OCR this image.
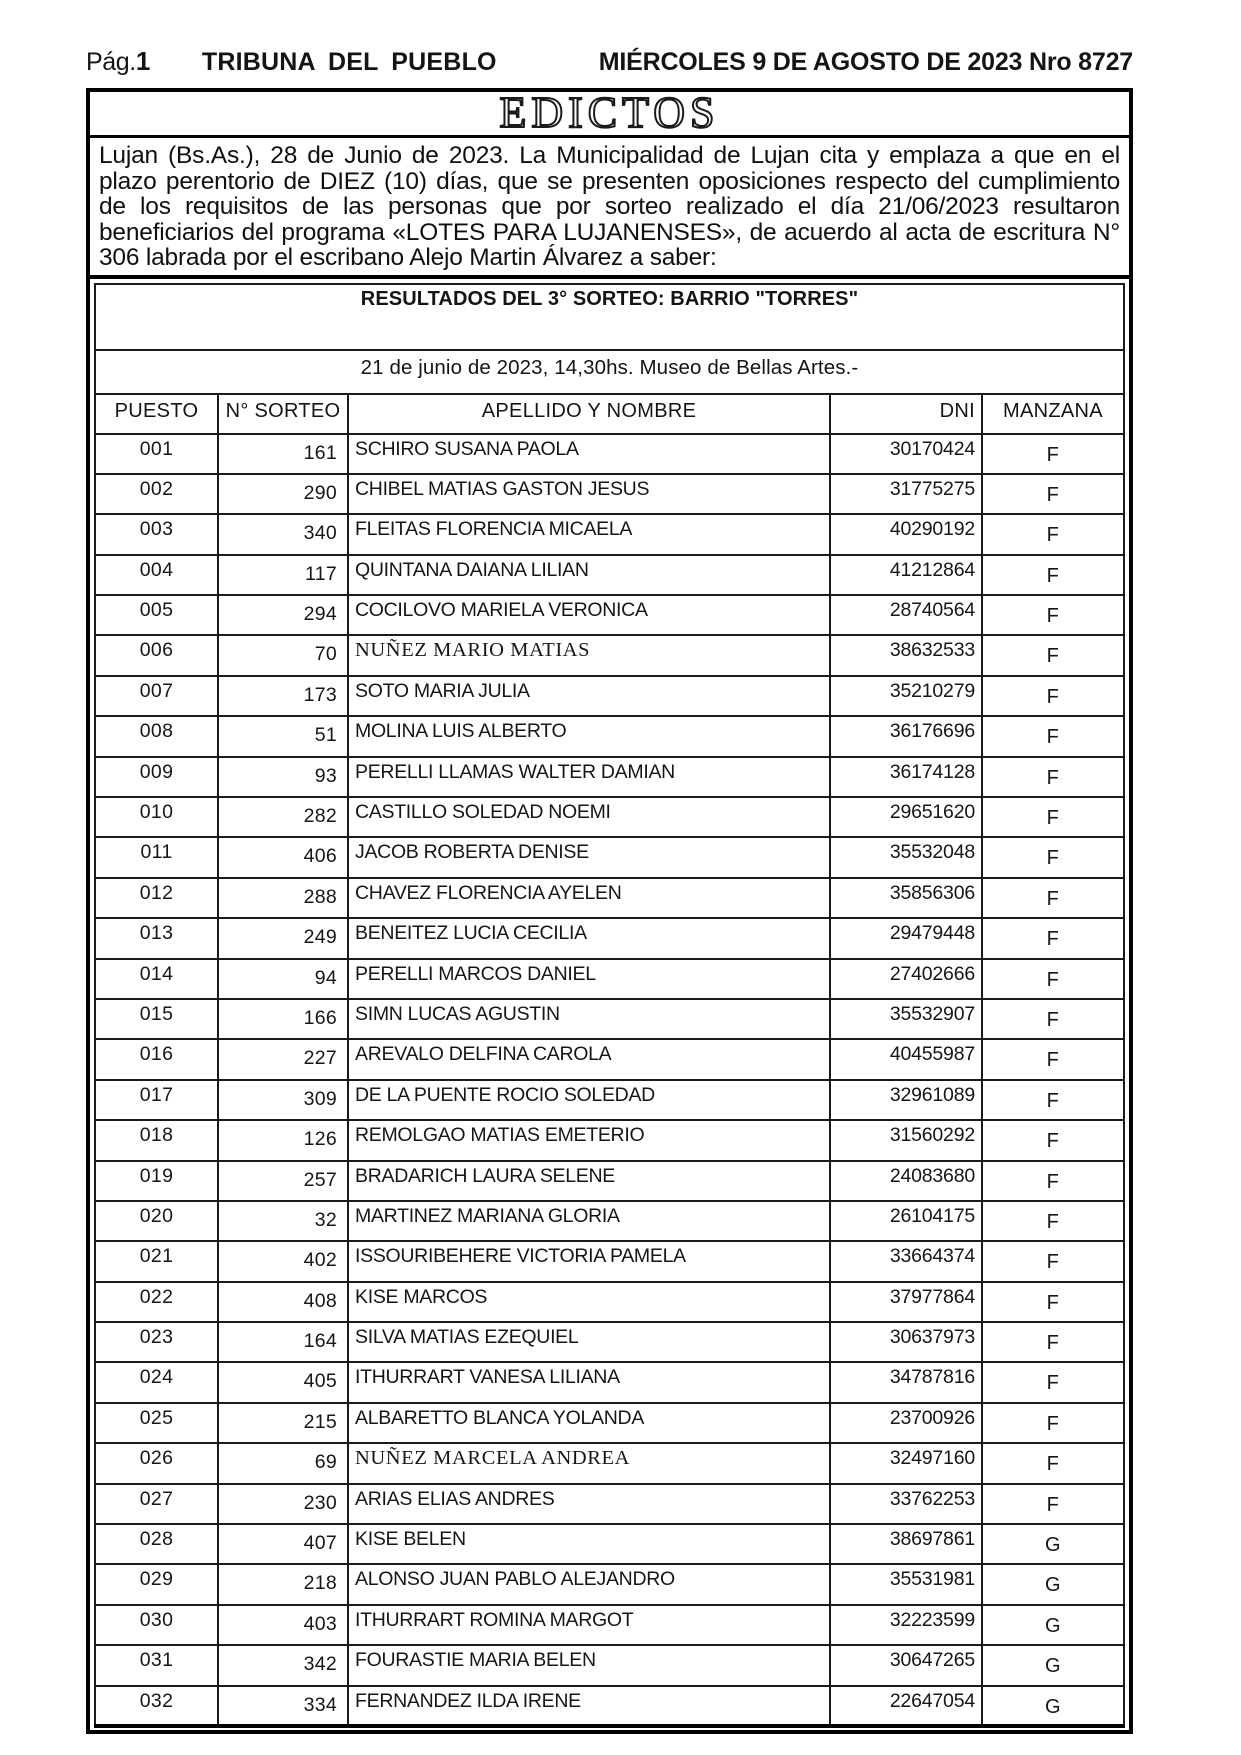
Pág. 1 TRIBUNA DEL PUEBLO	MIÉRCOLES 9 DE AGOSTO DE 2023 Nro 8727
EDICTOS
Lujan (Bs.As.), 28 de Junio de 2023. La Municipalidad de Lujan cita y emplaza a que en el plazo perentorio de DIEZ (10) días, que se presenten oposiciones respecto del cumplimiento de los requisitos de las personas que por sorteo realizado el día 21/06/2023 resultaron beneficiarios del programa «LOTES PARA LUJANENSES», de acuerdo al acta de escritura N° 306 labrada por el escribano Alejo Martin Álvarez a saber:
RESULTADOS DEL 3° SORTEO: BARRIO "TORRES"				
21 de junio de 2023, 14,30hs. Museo de Bellas Artes.-				
PUESTO	N° SORTEO	APELLIDO Y NOMBRE	DNI	MANZANA
001	161	SCHIRO SUSANA PAOLA	30170424	F
002	290	CHIBEL MATIAS GASTON JESUS	31775275	F
003	340	FLEITAS FLORENCIA MICAELA	40290192	F
004	117	QUINTANA DAIANA LILIAN	41212864	F
005	294	COCILOVO MARIELA VERONICA	28740564	F
006	70	NUÑEZ MARIO MATIAS	38632533	F
007	173	SOTO MARIA JULIA	35210279	F
008	51	MOLINA LUIS ALBERTO	36176696	F
009	93	PERELLI LLAMAS WALTER DAMIAN	36174128	F
010	282	CASTILLO SOLEDAD NOEMI	29651620	F
011	406	JACOB ROBERTA DENISE	35532048	F
012	288	CHAVEZ FLORENCIA AYELEN	35856306	F
013	249	BENEITEZ LUCIA CECILIA	29479448	F
014	94	PERELLI MARCOS DANIEL	27402666	F
015	166	SIMN LUCAS AGUSTIN	35532907	F
016	227	AREVALO DELFINA CAROLA	40455987	F
017	309	DE LA PUENTE ROCIO SOLEDAD	32961089	F
018	126	REMOLGAO MATIAS EMETERIO	31560292	F
019	257	BRADARICH LAURA SELENE	24083680	F
020	32	MARTINEZ MARIANA GLORIA	26104175	F
021	402	ISSOURIBEHERE VICTORIA PAMELA	33664374	F
022	408	KISE MARCOS	37977864	F
023	164	SILVA MATIAS EZEQUIEL	30637973	F
024	405	ITHURRART VANESA LILIANA	34787816	F
025	215	ALBARETTO BLANCA YOLANDA	23700926	F
026	69	NUÑEZ MARCELA ANDREA	32497160	F
027	230	ARIAS ELIAS ANDRES	33762253	F
028	407	KISE BELEN	38697861	G
029	218	ALONSO JUAN PABLO ALEJANDRO	35531981	G
030	403	ITHURRART ROMINA MARGOT	32223599	G
031	342	FOURASTIE MARIA BELEN	30647265	G
032	334	FERNANDEZ ILDA IRENE	22647054	G
